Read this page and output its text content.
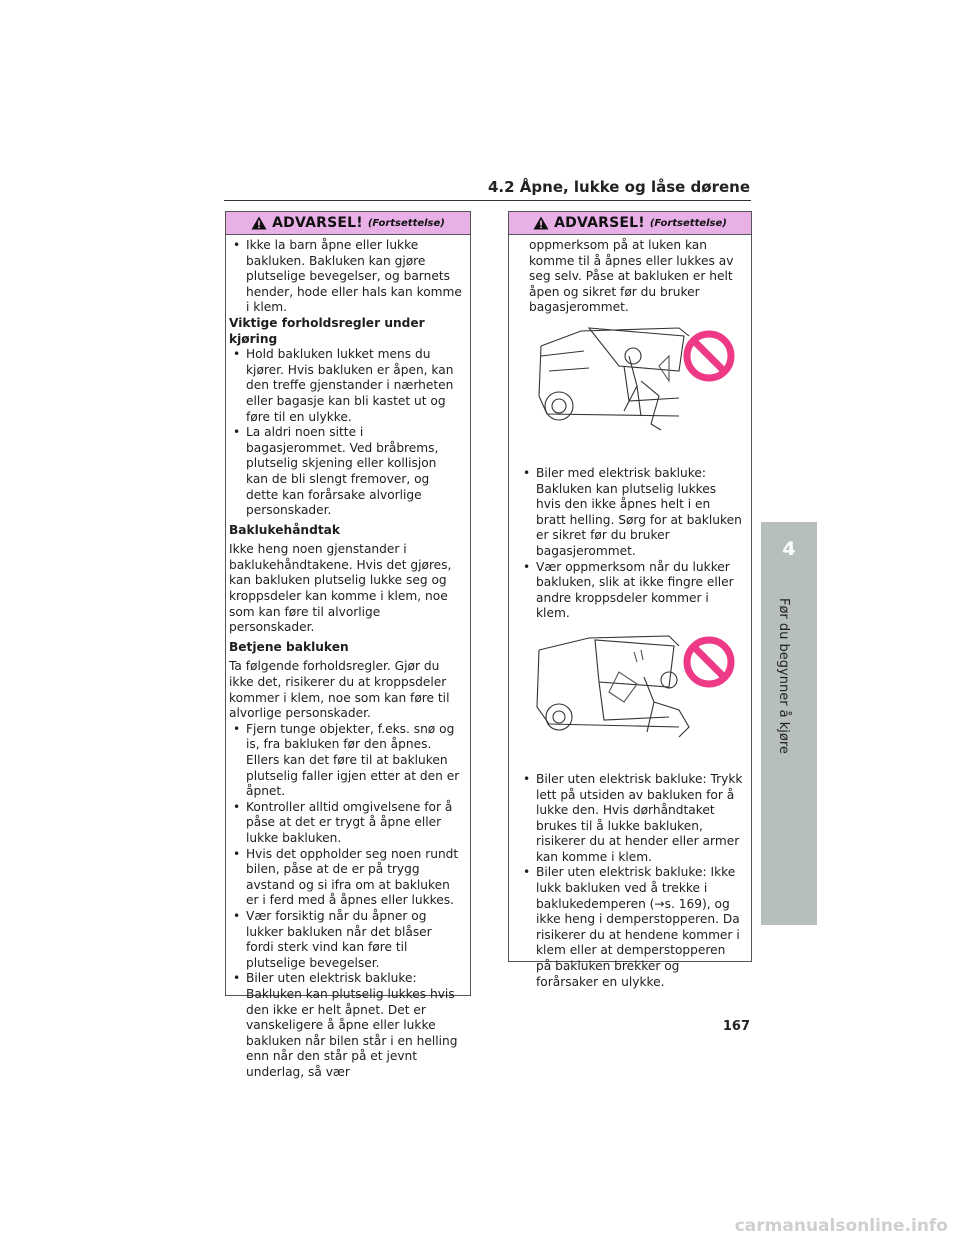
4.2 Åpne, lukke og låse dørene
ADVARSEL! (Fortsettelse)

• Ikke la barn åpne eller lukke bakluken. Bakluken kan gjøre plutselige bevegelser, og barnets hender, hode eller hals kan komme i klem.

Viktige forholdsregler under kjøring

• Hold bakluken lukket mens du kjører. Hvis bakluken er åpen, kan den treffe gjenstander i nærheten eller bagasje kan bli kastet ut og føre til en ulykke.

• La aldri noen sitte i bagasjerommet. Ved bråbrems, plutselig skjening eller kollisjon kan de bli slengt fremover, og dette kan forårsake alvorlige personskader.

Baklukehåndtak

Ikke heng noen gjenstander i baklukehåndtakene. Hvis det gjøres, kan bakluken plutselig lukke seg og kroppsdeler kan komme i klem, noe som kan føre til alvorlige personskader.

Betjene bakluken

Ta følgende forholdsregler. Gjør du ikke det, risikerer du at kroppsdeler kommer i klem, noe som kan føre til alvorlige personskader.

• Fjern tunge objekter, f.eks. snø og is, fra bakluken før den åpnes. Ellers kan det føre til at bakluken plutselig faller igjen etter at den er åpnet.

• Kontroller alltid omgivelsene for å påse at det er trygt å åpne eller lukke bakluken.

• Hvis det oppholder seg noen rundt bilen, påse at de er på trygg avstand og si ifra om at bakluken er i ferd med å åpnes eller lukkes.

• Vær forsiktig når du åpner og lukker bakluken når det blåser fordi sterk vind kan føre til plutselige bevegelser.

• Biler uten elektrisk bakluke: Bakluken kan plutselig lukkes hvis den ikke er helt åpnet. Det er vanskeligere å åpne eller lukke bakluken når bilen står i en helling enn når den står på et jevnt underlag, så vær

ADVARSEL! (Fortsettelse)

oppmerksom på at luken kan komme til å åpnes eller lukkes av seg selv. Påse at bakluken er helt åpen og sikret før du bruker bagasjerommet.

• Biler med elektrisk bakluke: Bakluken kan plutselig lukkes hvis den ikke åpnes helt i en bratt helling. Sørg for at bakluken er sikret før du bruker bagasjerommet.

• Vær oppmerksom når du lukker bakluken, slik at ikke fingre eller andre kroppsdeler kommer i klem.

• Biler uten elektrisk bakluke: Trykk lett på utsiden av bakluken for å lukke den. Hvis dørhåndtaket brukes til å lukke bakluken, risikerer du at hender eller armer kan komme i klem.

• Biler uten elektrisk bakluke: Ikke lukk bakluken ved å trekke i baklukedemperen (→s. 169), og ikke heng i demperstopperen. Da risikerer du at hendene kommer i klem eller at demperstopperen på bakluken brekker og forårsaker en ulykke.

4
Før du begynner å kjøre
167
carmanualsonline.info
